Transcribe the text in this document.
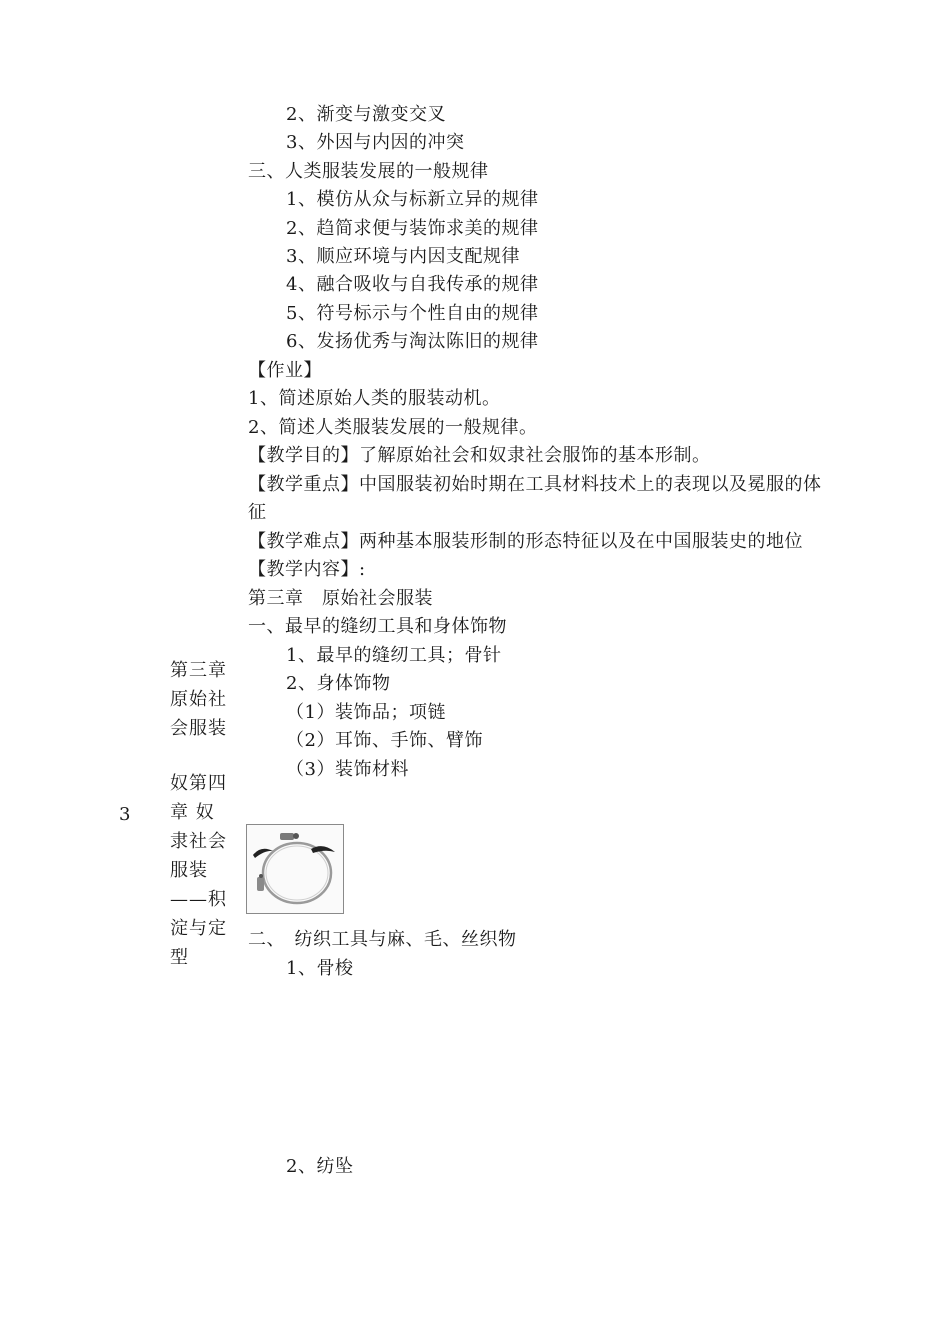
3
第三章原始社会服装
奴第四章 奴隶社会服装——积淀与定型
2、渐变与激变交叉
3、外因与内因的冲突
三、人类服装发展的一般规律
1、模仿从众与标新立异的规律
2、趋简求便与装饰求美的规律
3、顺应环境与内因支配规律
4、融合吸收与自我传承的规律
5、符号标示与个性自由的规律
6、发扬优秀与淘汰陈旧的规律
【作业】
1、简述原始人类的服装动机。
2、简述人类服装发展的一般规律。
【教学目的】了解原始社会和奴隶社会服饰的基本形制。
【教学重点】中国服装初始时期在工具材料技术上的表现以及冕服的体
征
【教学难点】两种基本服装形制的形态特征以及在中国服装史的地位
【教学内容】:
第三章　原始社会服装
一、最早的缝纫工具和身体饰物
1、最早的缝纫工具；骨针
2、身体饰物
（1）装饰品；项链
（2）耳饰、手饰、臂饰
（3）装饰材料
二、　纺织工具与麻、毛、丝织物
1、骨梭
2、纺坠
